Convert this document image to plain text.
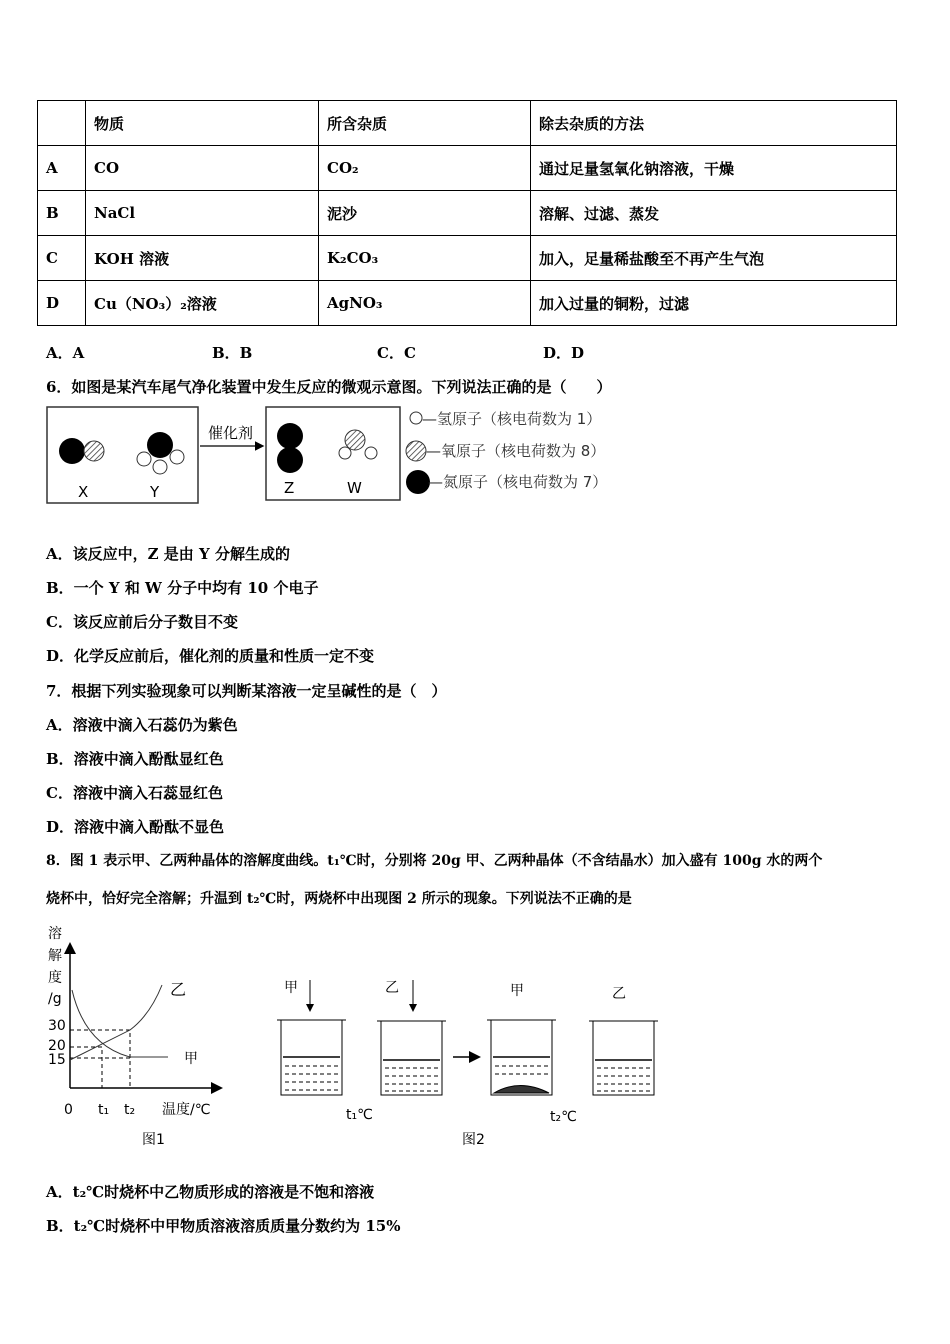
	物质	所含杂质	除去杂质的方法
A	CO	CO₂	通过足量氢氧化钠溶液，干燥
B	NaCl	泥沙	溶解、过滤、蒸发
C	KOH 溶液	K₂CO₃	加入，足量稀盐酸至不再产生气泡
D	Cu（NO₃）₂溶液	AgNO₃	加入过量的铜粉，过滤
A．A	B．B	C．C	D．D
6．如图是某汽车尾气净化装置中发生反应的微观示意图。下列说法正确的是（　　）
A．该反应中，Z 是由 Y 分解生成的
B．一个 Y 和 W 分子中均有 10 个电子
C．该反应前后分子数目不变
D．化学反应前后，催化剂的质量和性质一定不变
7．根据下列实验现象可以判断某溶液一定呈碱性的是（　）
A．溶液中滴入石蕊仍为紫色
B．溶液中滴入酚酞显红色
C．溶液中滴入石蕊显红色
D．溶液中滴入酚酞不显色
8．图 1 表示甲、乙两种晶体的溶解度曲线。t₁℃时，分别将 20g 甲、乙两种晶体（不含结晶水）加入盛有 100g 水的两个
烧杯中，恰好完全溶解；升温到 t₂℃时，两烧杯中出现图 2 所示的现象。下列说法不正确的是
A．t₂℃时烧杯中乙物质形成的溶液是不饱和溶液
B．t₂℃时烧杯中甲物质溶液溶质质量分数约为 15%
X	Y
催化剂
Z	W
—氢原子（核电荷数为 1）
—氧原子（核电荷数为 8）
—氮原子（核电荷数为 7）
溶
解
度
/g
30
20
15
0 t₁ t₂ 温度/℃
乙
甲
图1
甲	乙	甲	乙
t₁℃	t₂℃
图2
